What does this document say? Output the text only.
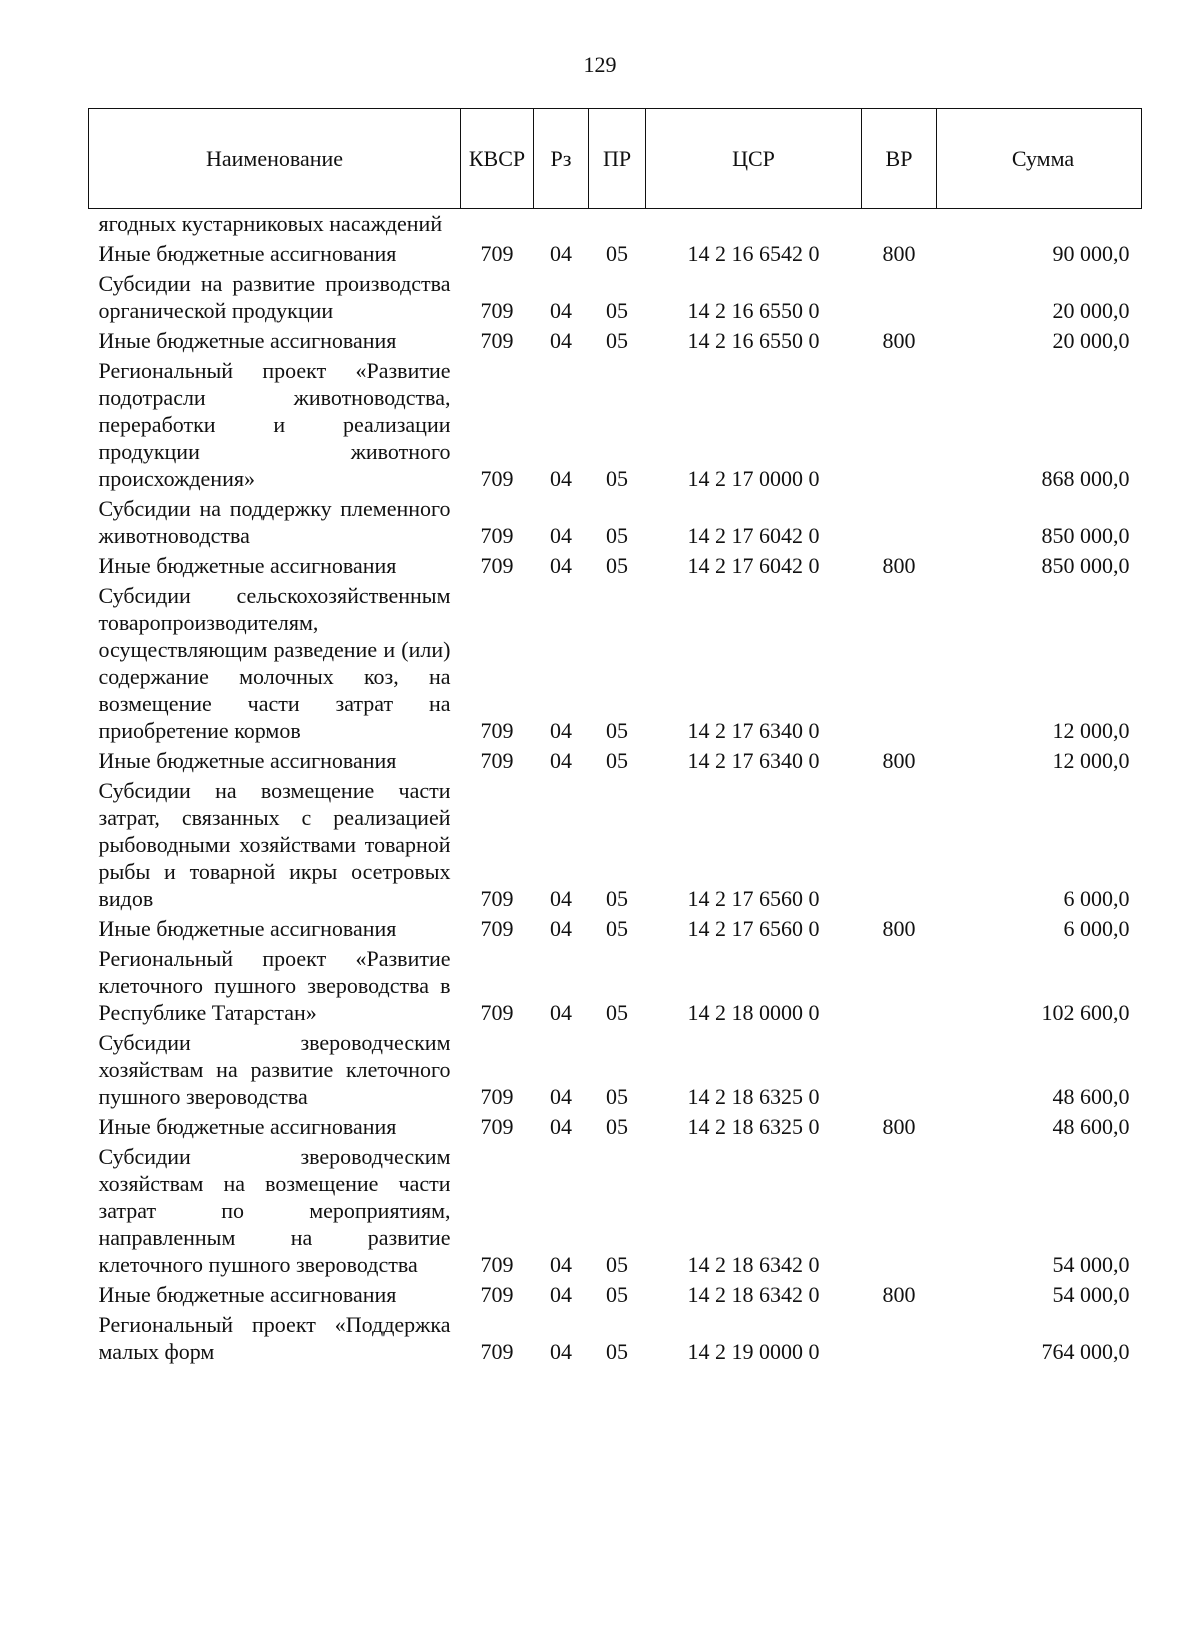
129
Наименование	КВСР	Рз	ПР	ЦСР	ВР	Сумма
ягодных кустарниковых насаждений						
Иные бюджетные ассигнования	709	04	05	14 2 16 6542 0	800	90 000,0
Субсидии на развитие производства органической продукции	709	04	05	14 2 16 6550 0		20 000,0
Иные бюджетные ассигнования	709	04	05	14 2 16 6550 0	800	20 000,0
Региональный проект «Развитие подотрасли животноводства, переработки и реализации продукции животного происхождения»	709	04	05	14 2 17 0000 0		868 000,0
Субсидии на поддержку племенного животноводства	709	04	05	14 2 17 6042 0		850 000,0
Иные бюджетные ассигнования	709	04	05	14 2 17 6042 0	800	850 000,0
Субсидии сельскохозяйственным товаропроизводителям, осуществляющим разведение и (или) содержание молочных коз, на возмещение части затрат на приобретение кормов	709	04	05	14 2 17 6340 0		12 000,0
Иные бюджетные ассигнования	709	04	05	14 2 17 6340 0	800	12 000,0
Субсидии на возмещение части затрат, связанных с реализацией рыбоводными хозяйствами товарной рыбы и товарной икры осетровых видов	709	04	05	14 2 17 6560 0		6 000,0
Иные бюджетные ассигнования	709	04	05	14 2 17 6560 0	800	6 000,0
Региональный проект «Развитие клеточного пушного звероводства в Республике Татарстан»	709	04	05	14 2 18 0000 0		102 600,0
Субсидии звероводческим хозяйствам на развитие клеточного пушного звероводства	709	04	05	14 2 18 6325 0		48 600,0
Иные бюджетные ассигнования	709	04	05	14 2 18 6325 0	800	48 600,0
Субсидии звероводческим хозяйствам на возмещение части затрат по мероприятиям, направленным на развитие клеточного пушного звероводства	709	04	05	14 2 18 6342 0		54 000,0
Иные бюджетные ассигнования	709	04	05	14 2 18 6342 0	800	54 000,0
Региональный проект «Поддержка малых форм	709	04	05	14 2 19 0000 0		764 000,0
